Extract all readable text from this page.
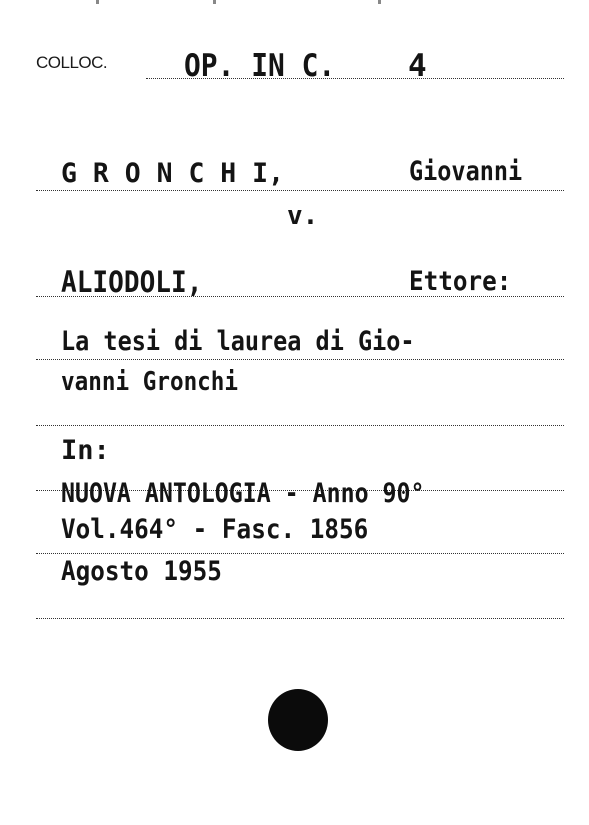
COLLOC. OP. IN C. 4
G R O N C H I,	Giovanni
v.
ALIODOLI,	Ettore:
La tesi di laurea di Gio-
vanni Gronchi
In:
NUOVA ANTOLOGIA - Anno 90°
Vol.464° - Fasc. 1856
Agosto 1955
